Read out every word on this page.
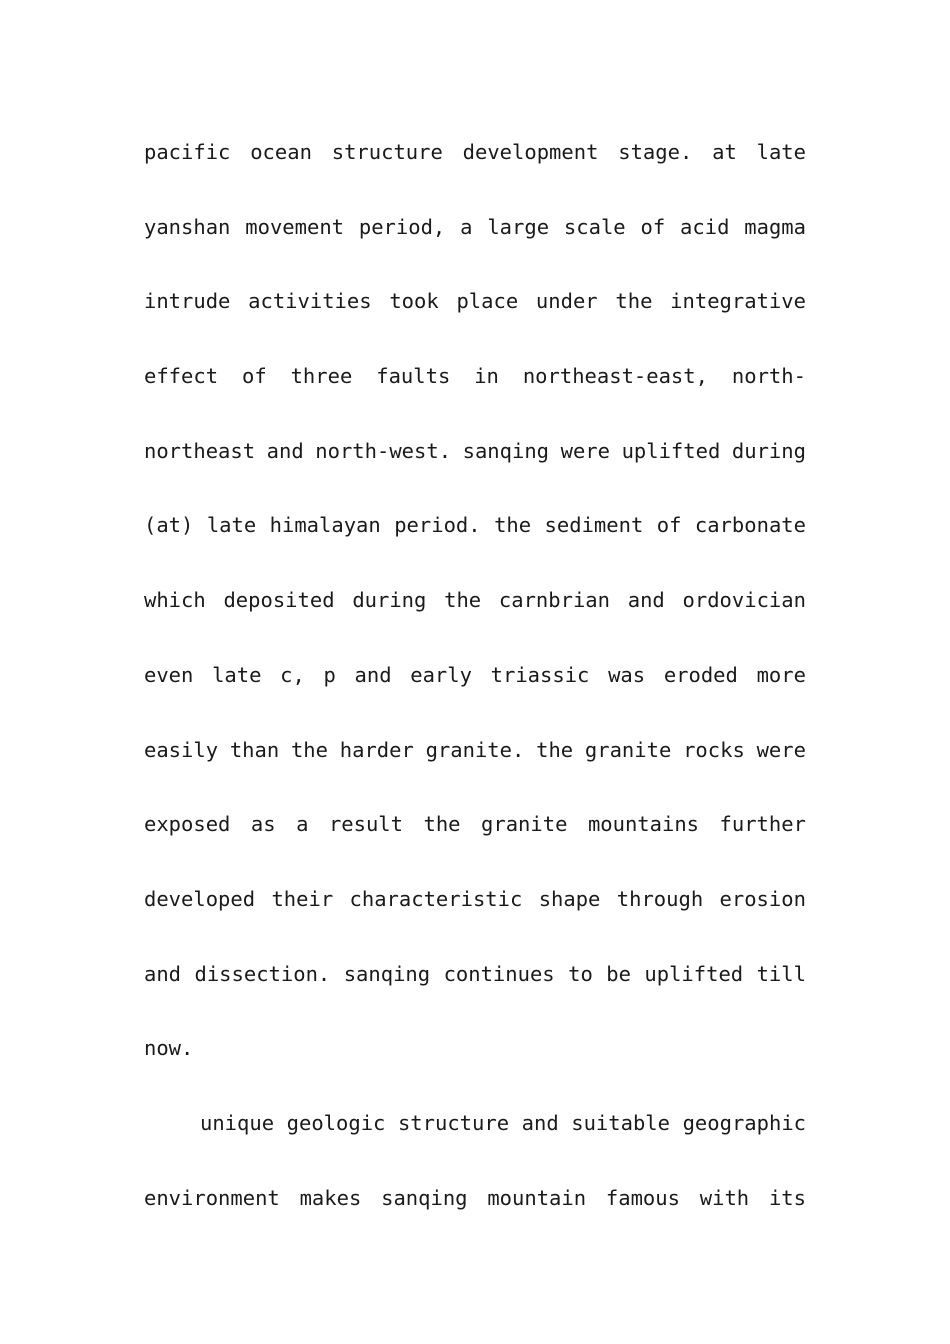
pacific ocean structure development stage. at late
yanshan movement period, a large scale of acid magma
intrude activities took place under the integrative
effect of three faults in northeast-east, north-
northeast and north-west. sanqing were uplifted during
(at) late himalayan period. the sediment of carbonate
which deposited during the carnbrian and ordovician
even late c, p and early triassic was eroded more
easily than the harder granite. the granite rocks were
exposed as a result the granite mountains further
developed their characteristic shape through erosion
and dissection. sanqing continues to be uplifted till
now.
unique geologic structure and suitable geographic
environment makes sanqing mountain famous with its
